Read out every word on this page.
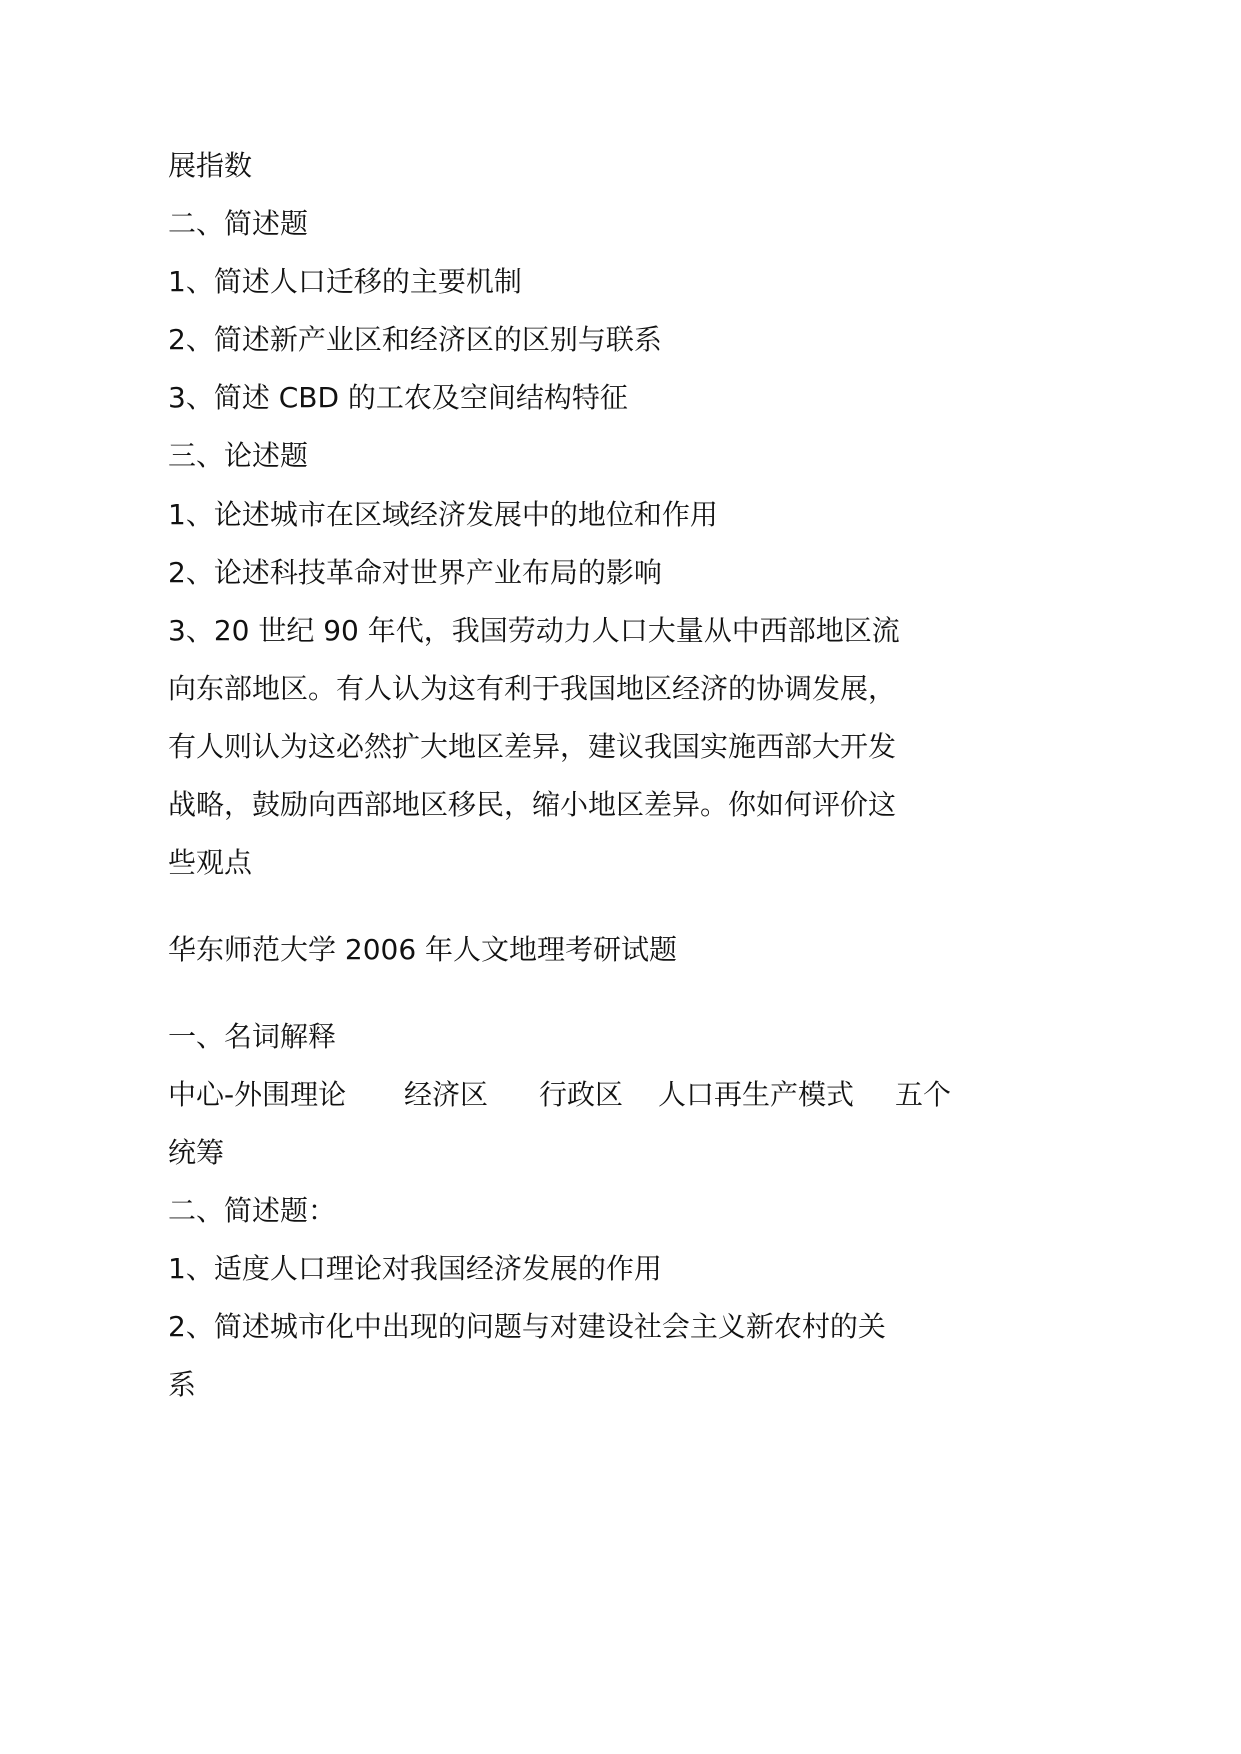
展指数
二、简述题
1、简述人口迁移的主要机制
2、简述新产业区和经济区的区别与联系
3、简述 CBD 的工农及空间结构特征
三、论述题
1、论述城市在区域经济发展中的地位和作用
2、论述科技革命对世界产业布局的影响
3、20 世纪 90 年代，我国劳动力人口大量从中西部地区流
向东部地区。有人认为这有利于我国地区经济的协调发展，
有人则认为这必然扩大地区差异，建议我国实施西部大开发
战略，鼓励向西部地区移民，缩小地区差异。你如何评价这
些观点
华东师范大学 2006 年人文地理考研试题
一、名词解释
中心-外围理论 经济区 行政区 人口再生产模式 五个
统筹
二、简述题：
1、适度人口理论对我国经济发展的作用
2、简述城市化中出现的问题与对建设社会主义新农村的关
系
